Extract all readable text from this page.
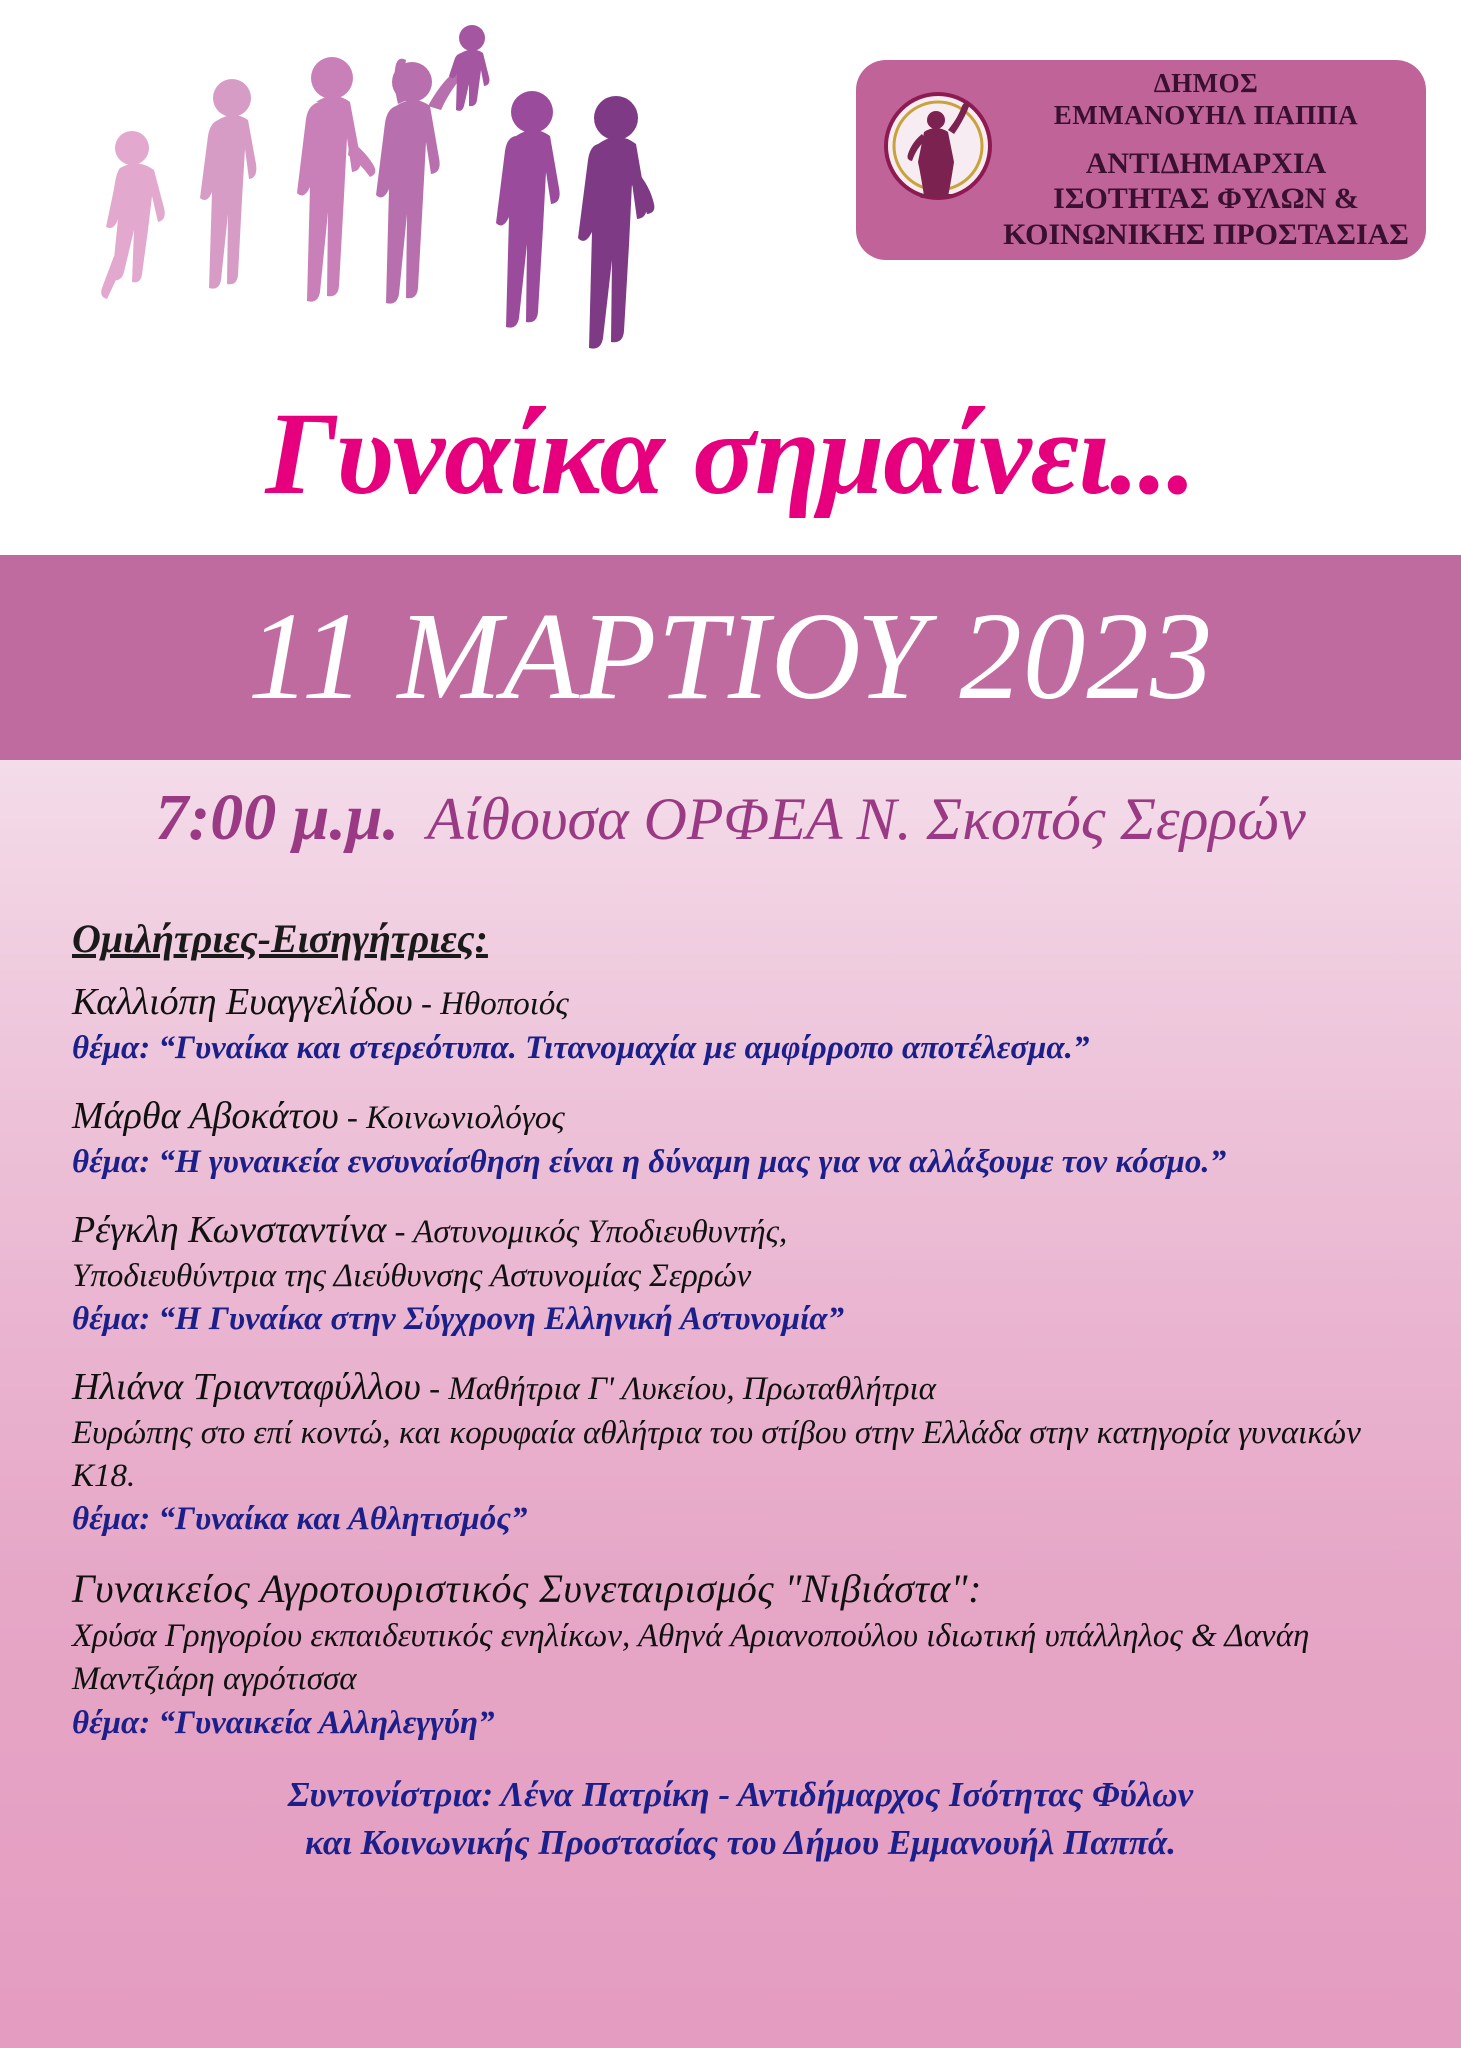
ΔΗΜΟΣ
ΕΜΜΑΝΟΥΗΛ ΠΑΠΠΑ
ΑΝΤΙΔΗΜΑΡΧΙΑ
ΙΣΟΤΗΤΑΣ ΦΥΛΩΝ &
ΚΟΙΝΩΝΙΚΗΣ ΠΡΟΣΤΑΣΙΑΣ
Γυναίκα σημαίνει...
11 ΜΑΡΤΙΟΥ 2023
7:00 μ.μ. Αίθουσα ΟΡΦΕΑ Ν. Σκοπός Σερρών
Ομιλήτριες-Εισηγήτριες:
Καλλιόπη Ευαγγελίδου - Ηθοποιός
θέμα: “Γυναίκα και στερεότυπα. Τιτανομαχία με αμφίρροπο αποτέλεσμα.”
Μάρθα Αβοκάτου - Κοινωνιολόγος
θέμα: “Η γυναικεία ενσυναίσθηση είναι η δύναμη μας για να αλλάξουμε τον κόσμο.”
Ρέγκλη Κωνσταντίνα - Αστυνομικός Υποδιευθυντής,
Υποδιευθύντρια της Διεύθυνσης Αστυνομίας Σερρών
θέμα: “Η Γυναίκα στην Σύγχρονη Ελληνική Αστυνομία”
Ηλιάνα Τριανταφύλλου - Μαθήτρια Γ' Λυκείου, Πρωταθλήτρια
Ευρώπης στο επί κοντώ, και κορυφαία αθλήτρια του στίβου στην Ελλάδα στην κατηγορία γυναικών Κ18.
θέμα: “Γυναίκα και Αθλητισμός”
Γυναικείος Αγροτουριστικός Συνεταιρισμός "Νιβιάστα":
Χρύσα Γρηγορίου εκπαιδευτικός ενηλίκων, Αθηνά Αριανοπούλου ιδιωτική υπάλληλος & Δανάη Μαντζιάρη αγρότισσα
θέμα: “Γυναικεία Αλληλεγγύη”
Συντονίστρια: Λένα Πατρίκη - Αντιδήμαρχος Ισότητας Φύλων
και Κοινωνικής Προστασίας του Δήμου Εμμανουήλ Παππά.
